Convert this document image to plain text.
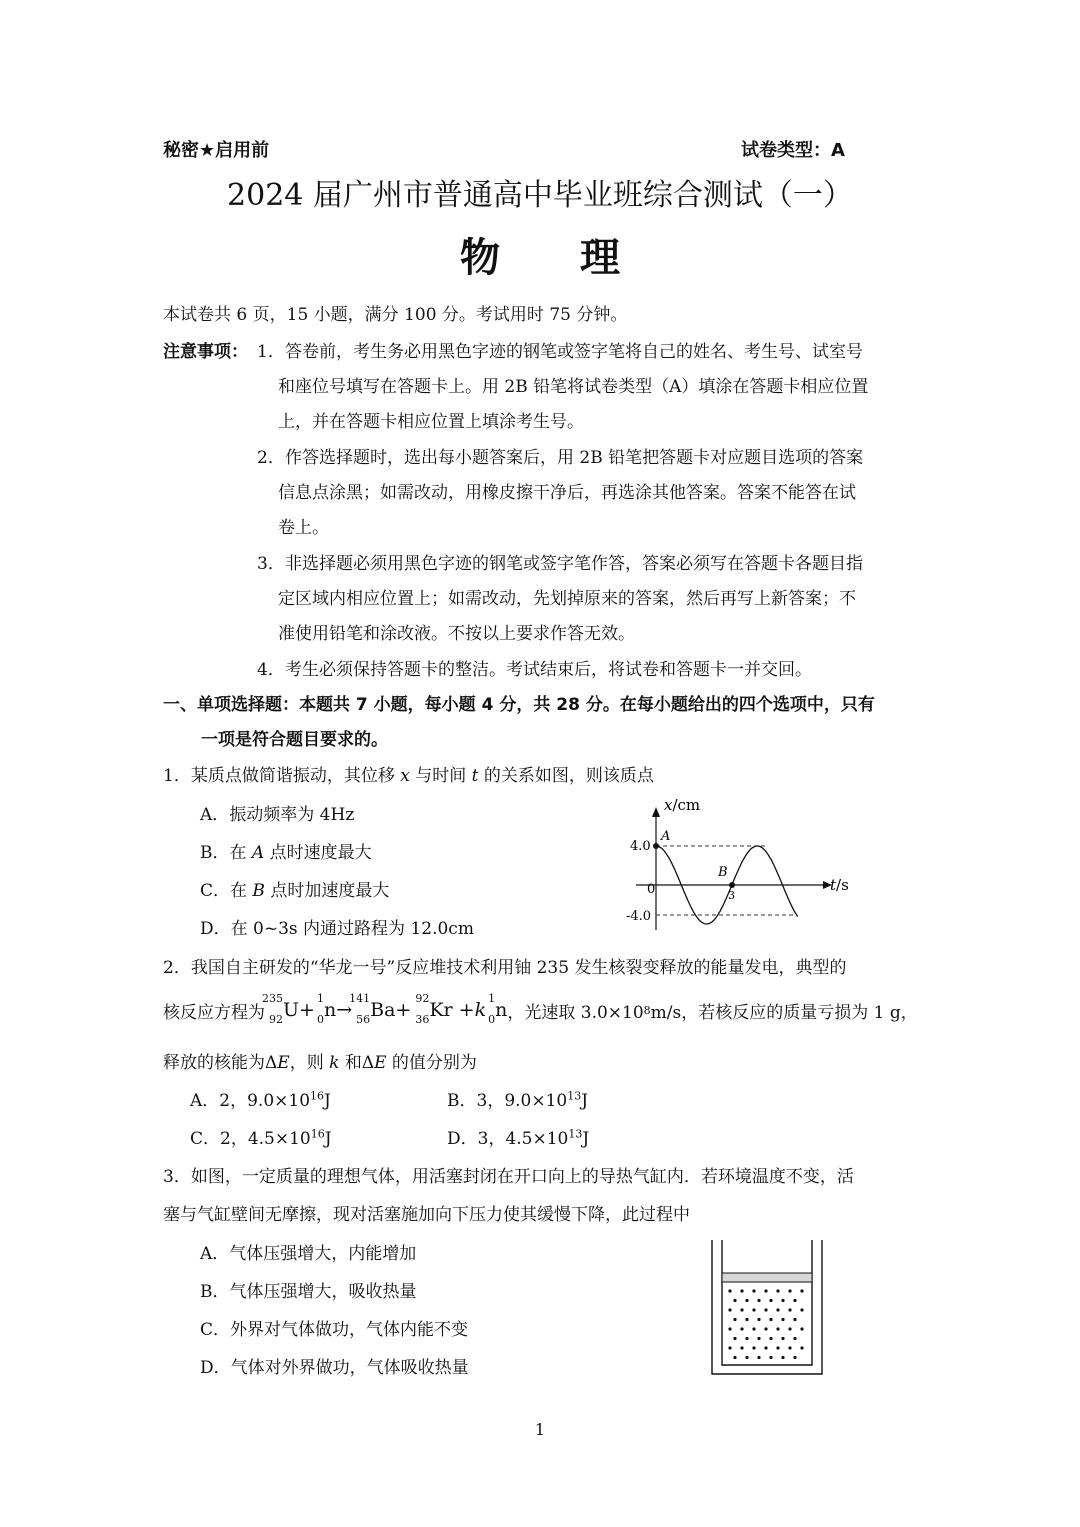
秘密★启用前	试卷类型：A
2024 届广州市普通高中毕业班综合测试（一）
物　　理
本试卷共 6 页，15 小题，满分 100 分。考试用时 75 分钟。
注意事项： 1． 答卷前，考生务必用黑色字迹的钢笔或签字笔将自己的姓名、考生号、试室号
和座位号填写在答题卡上。用 2B 铅笔将试卷类型（A）填涂在答题卡相应位置
上，并在答题卡相应位置上填涂考生号。
2． 作答选择题时，选出每小题答案后，用 2B 铅笔把答题卡对应题目选项的答案
信息点涂黑；如需改动，用橡皮擦干净后，再选涂其他答案。答案不能答在试
卷上。
3． 非选择题必须用黑色字迹的钢笔或签字笔作答，答案必须写在答题卡各题目指
定区域内相应位置上；如需改动，先划掉原来的答案，然后再写上新答案；不
准使用铅笔和涂改液。不按以上要求作答无效。
4． 考生必须保持答题卡的整洁。考试结束后，将试卷和答题卡一并交回。
一、单项选择题：本题共 7 小题，每小题 4 分，共 28 分。在每小题给出的四个选项中，只有
一项是符合题目要求的。
1．某质点做简谐振动，其位移 x 与时间 t 的关系如图，则该质点
A．振动频率为 4Hz
B．在 A 点时速度最大
C．在 B 点时加速度最大
D．在 0~3s 内通过路程为 12.0cm
x/cm
t/s
4.0
-4.0
0	3
A
B
2．我国自主研发的“华龙一号”反应堆技术利用铀 235 发生核裂变释放的能量发电，典型的
核反应方程为
235
92 U +
1
0 n →
141
56 Ba +
92
36 Kr
+ k
1
0 n ，光速取 3.0×10 8 m/s，若核反应的质量亏损为 1 g，
释放的核能为ΔE，则 k 和ΔE 的值分别为
A．2，$9.0\times 10^{16}J$	B．3，$9.0\times 10^{13}J$
C．2，$4.5\times 10^{16}J$	D．3，$4.5\times 10^{13}J$
3．如图，一定质量的理想气体，用活塞封闭在开口向上的导热气缸内．若环境温度不变，活
塞与气缸壁间无摩擦，现对活塞施加向下压力使其缓慢下降，此过程中
A．气体压强增大，内能增加
B．气体压强增大，吸收热量
C．外界对气体做功，气体内能不变
D．气体对外界做功，气体吸收热量
1
